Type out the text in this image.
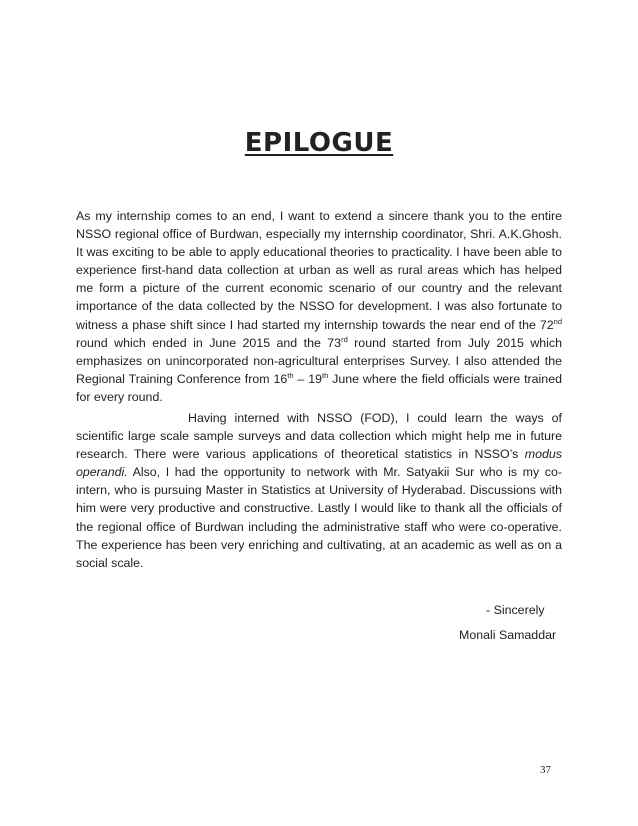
EPILOGUE

As my internship comes to an end, I want to extend a sincere thank you to the entire NSSO regional office of Burdwan, especially my internship coordinator, Shri. A.K.Ghosh. It was exciting to be able to apply educational theories to practicality. I have been able to experience first-hand data collection at urban as well as rural areas which has helped me form a picture of the current economic scenario of our country and the relevant importance of the data collected by the NSSO for development. I was also fortunate to witness a phase shift since I had started my internship towards the near end of the 72nd round which ended in June 2015 and the 73rd round started from July 2015 which emphasizes on unincorporated non-agricultural enterprises Survey. I also attended the Regional Training Conference from 16th – 19th June where the field officials were trained for every round.

Having interned with NSSO (FOD), I could learn the ways of scientific large scale sample surveys and data collection which might help me in future research. There were various applications of theoretical statistics in NSSO’s modus operandi. Also, I had the opportunity to network with Mr. Satyakii Sur who is my co-intern, who is pursuing Master in Statistics at University of Hyderabad. Discussions with him were very productive and constructive. Lastly I would like to thank all the officials of the regional office of Burdwan including the administrative staff who were co-operative. The experience has been very enriching and cultivating, at an academic as well as on a social scale.

- Sincerely
Monali Samaddar
37
